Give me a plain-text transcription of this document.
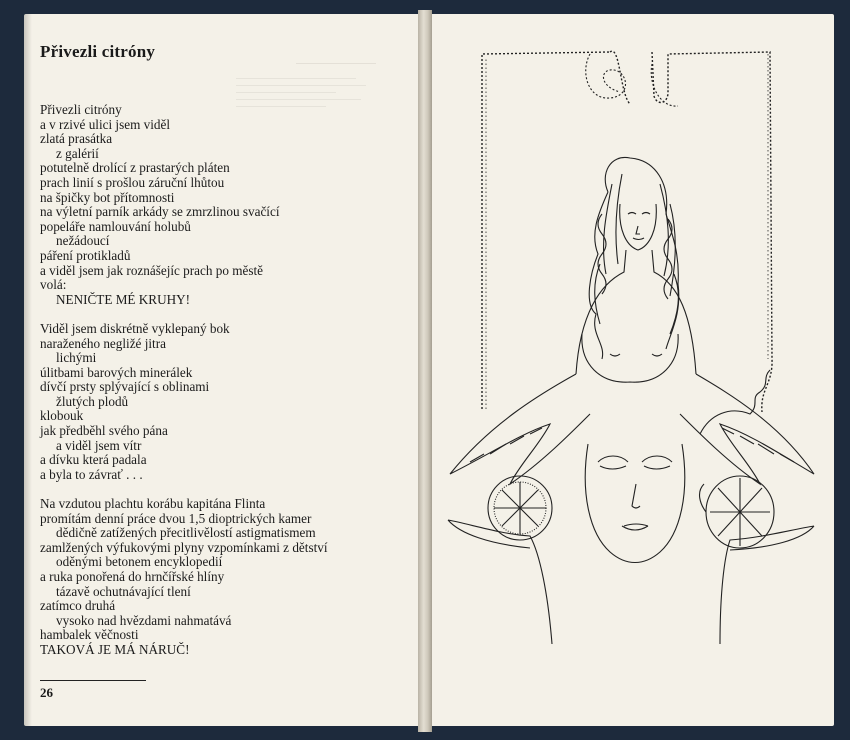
Přivezli citróny
Přivezli citróny
a v rzivé ulici jsem viděl
zlatá prasátka
z galérií
potutelně drolící z prastarých pláten
prach linií s prošlou záruční lhůtou
na špičky bot přítomnosti
na výletní parník arkády se zmrzlinou svačící
popeláře namlouvání holubů
nežádoucí
páření protikladů
a viděl jsem jak roznášejíc prach po městě
volá:
NENIČTE MÉ KRUHY!
Viděl jsem diskrétně vyklepaný bok
naraženého negližé jitra
lichými
úlitbami barových minerálek
dívčí prsty splývající s oblinami
žlutých plodů
klobouk
jak předběhl svého pána
a viděl jsem vítr
a dívku která padala
a byla to závrať . . .
Na vzdutou plachtu korábu kapitána Flinta
promítám denní práce dvou 1,5 dioptrických kamer
dědičně zatížených přecitlivělostí astigmatismem
zamlžených výfukovými plyny vzpomínkami z dětství
oděnými betonem encyklopedií
a ruka ponořená do hrnčířské hlíny
tázavě ochutnávající tlení
zatímco druhá
vysoko nad hvězdami nahmatává
hambalek věčnosti
TAKOVÁ JE MÁ NÁRUČ!
26
